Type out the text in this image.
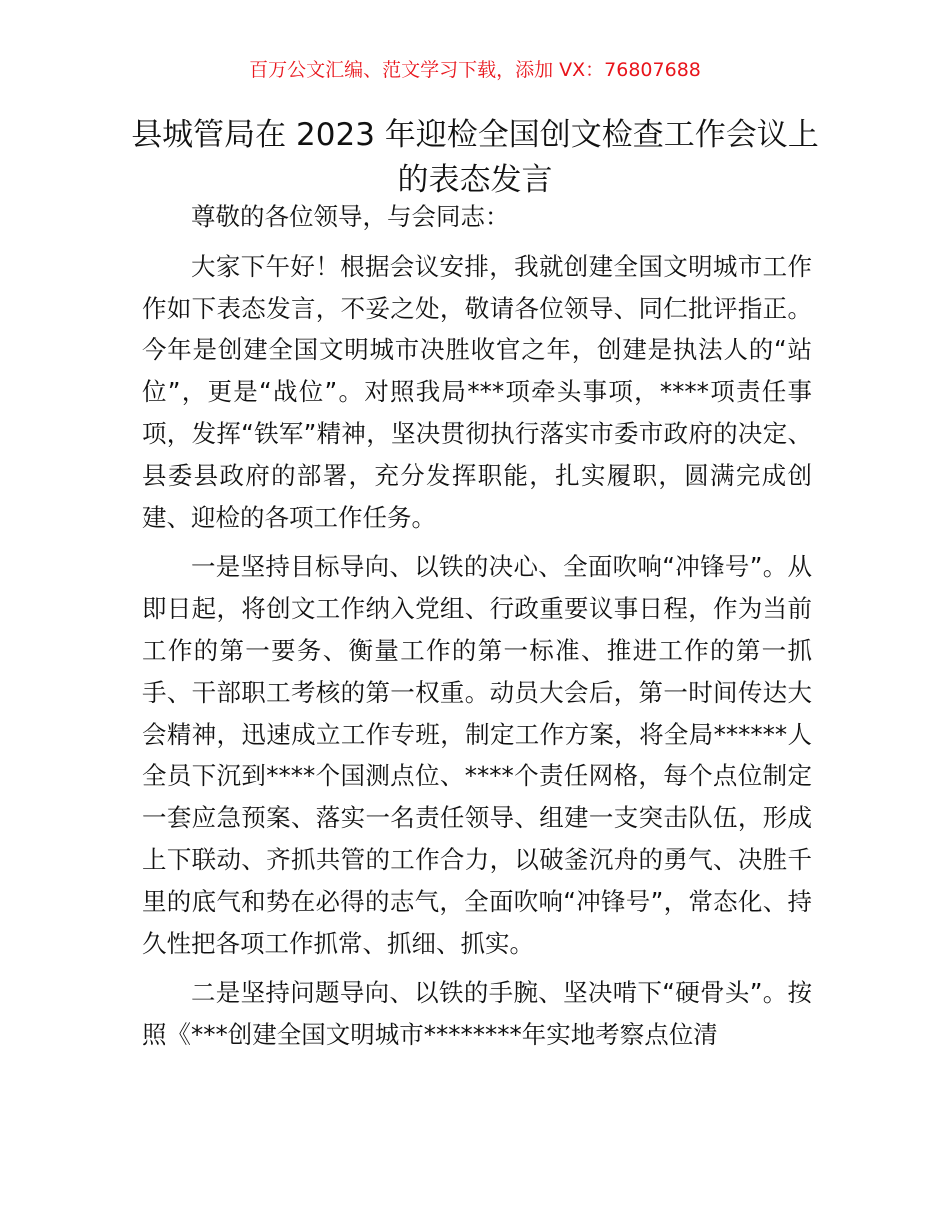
百万公文汇编、范文学习下载，添加 VX：76807688
县城管局在 2023 年迎检全国创文检查工作会议上的表态发言

尊敬的各位领导，与会同志：

大家下午好！根据会议安排，我就创建全国文明城市工作作如下表态发言，不妥之处，敬请各位领导、同仁批评指正。今年是创建全国文明城市决胜收官之年，创建是执法人的“站位”，更是“战位”。对照我局***项牵头事项，****项责任事项，发挥“铁军”精神，坚决贯彻执行落实市委市政府的决定、县委县政府的部署，充分发挥职能，扎实履职，圆满完成创建、迎检的各项工作任务。

一是坚持目标导向、以铁的决心、全面吹响“冲锋号”。从即日起，将创文工作纳入党组、行政重要议事日程，作为当前工作的第一要务、衡量工作的第一标准、推进工作的第一抓手、干部职工考核的第一权重。动员大会后，第一时间传达大会精神，迅速成立工作专班，制定工作方案，将全局******人全员下沉到****个国测点位、****个责任网格，每个点位制定一套应急预案、落实一名责任领导、组建一支突击队伍，形成上下联动、齐抓共管的工作合力，以破釜沉舟的勇气、决胜千里的底气和势在必得的志气，全面吹响“冲锋号”，常态化、持久性把各项工作抓常、抓细、抓实。

二是坚持问题导向、以铁的手腕、坚决啃下“硬骨头”。按照《***创建全国文明城市********年实地考察点位清
